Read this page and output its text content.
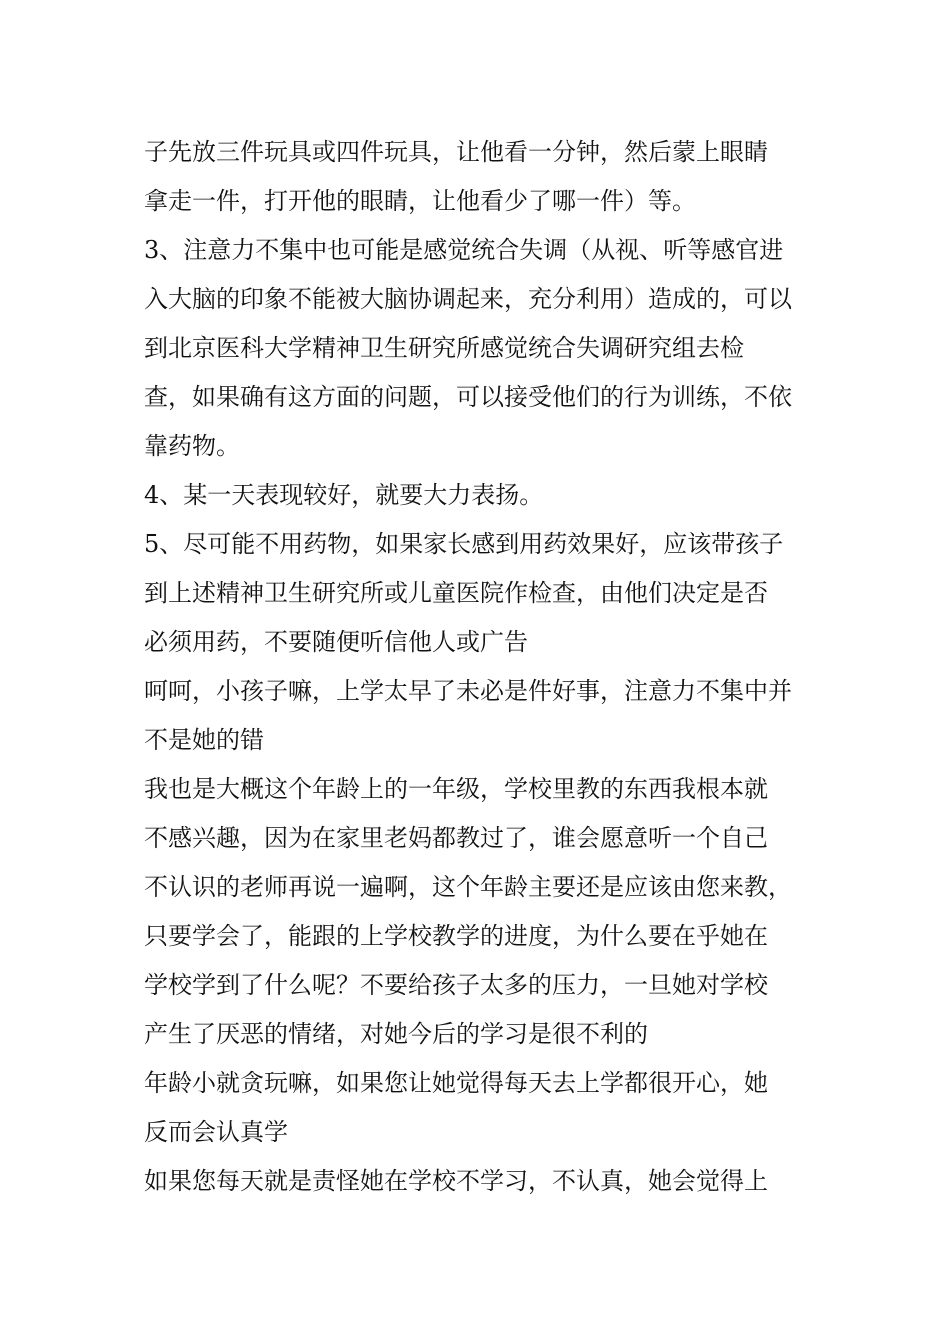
子先放三件玩具或四件玩具，让他看一分钟，然后蒙上眼睛
拿走一件，打开他的眼睛，让他看少了哪一件）等。
3、注意力不集中也可能是感觉统合失调（从视、听等感官进
入大脑的印象不能被大脑协调起来，充分利用）造成的，可以
到北京医科大学精神卫生研究所感觉统合失调研究组去检
查，如果确有这方面的问题，可以接受他们的行为训练，不依
靠药物。
4、某一天表现较好，就要大力表扬。
5、尽可能不用药物，如果家长感到用药效果好，应该带孩子
到上述精神卫生研究所或儿童医院作检查，由他们决定是否
必须用药，不要随便听信他人或广告
呵呵，小孩子嘛，上学太早了未必是件好事，注意力不集中并
不是她的错
我也是大概这个年龄上的一年级，学校里教的东西我根本就
不感兴趣，因为在家里老妈都教过了，谁会愿意听一个自己
不认识的老师再说一遍啊，这个年龄主要还是应该由您来教，
只要学会了，能跟的上学校教学的进度，为什么要在乎她在
学校学到了什么呢？不要给孩子太多的压力，一旦她对学校
产生了厌恶的情绪，对她今后的学习是很不利的
年龄小就贪玩嘛，如果您让她觉得每天去上学都很开心，她
反而会认真学
如果您每天就是责怪她在学校不学习，不认真，她会觉得上
